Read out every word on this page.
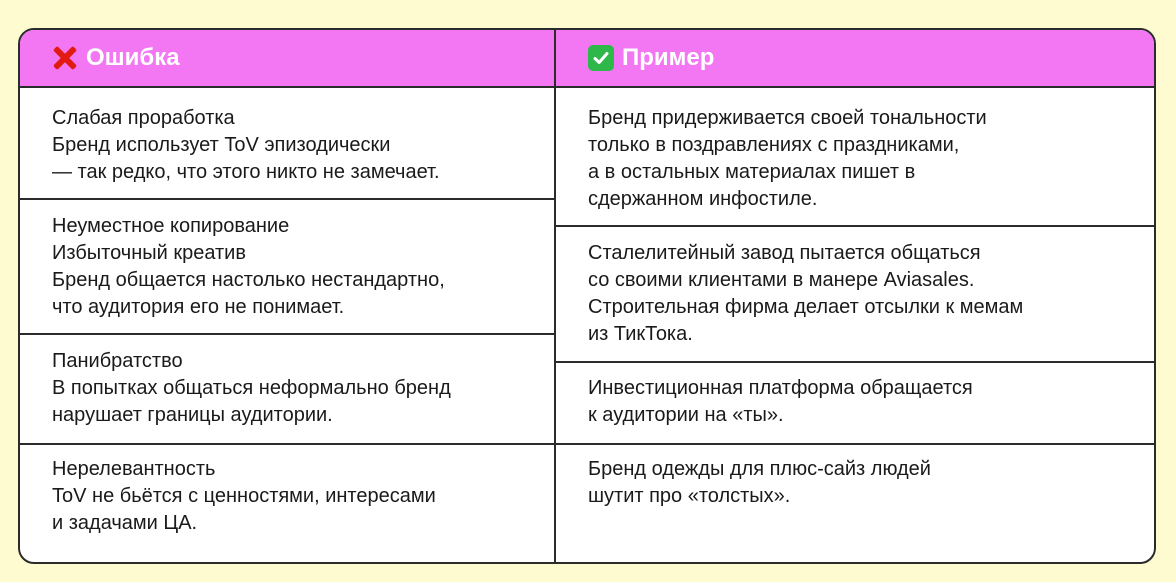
Ошибка	Пример
Слабая проработка
Бренд использует ToV эпизодически
— так редко, что этого никто не замечает.
Неуместное копирование
Избыточный креатив
Бренд общается настолько нестандартно,
что аудитория его не понимает.
Панибратство
В попытках общаться неформально бренд
нарушает границы аудитории.
Нерелевантность
ToV не бьётся с ценностями, интересами
и задачами ЦА.
Бренд придерживается своей тональности
только в поздравлениях с праздниками,
а в остальных материалах пишет в
сдержанном инфостиле.
Сталелитейный завод пытается общаться
со своими клиентами в манере Aviasales.
Строительная фирма делает отсылки к мемам
из ТикТока.
Инвестиционная платформа обращается
к аудитории на «ты».
Бренд одежды для плюс-сайз людей
шутит про «толстых».
